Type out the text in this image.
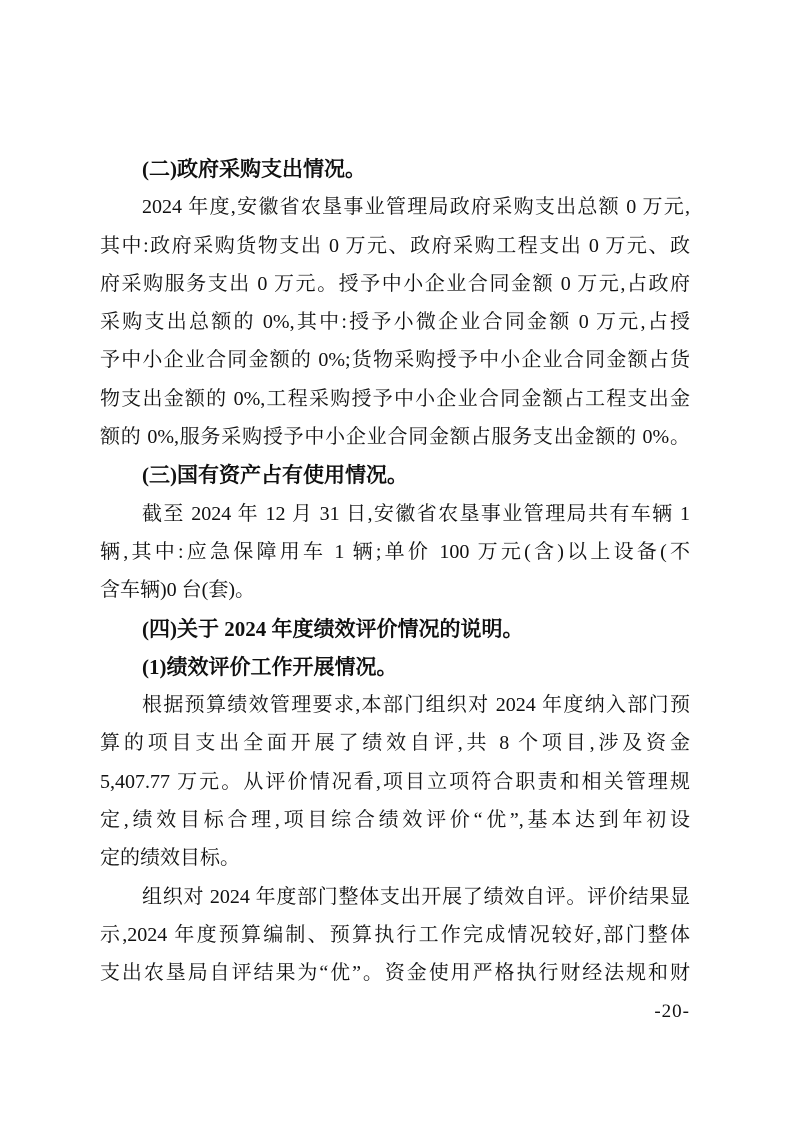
(二)政府采购支出情况。
2024 年度,安徽省农垦事业管理局政府采购支出总额 0 万元,
其中:政府采购货物支出 0 万元、政府采购工程支出 0 万元、政
府采购服务支出 0 万元。授予中小企业合同金额 0 万元,占政府
采购支出总额的 0%,其中:授予小微企业合同金额 0 万元,占授
予中小企业合同金额的 0%;货物采购授予中小企业合同金额占货
物支出金额的 0%,工程采购授予中小企业合同金额占工程支出金
额的 0%,服务采购授予中小企业合同金额占服务支出金额的 0%。
(三)国有资产占有使用情况。
截至 2024 年 12 月 31 日,安徽省农垦事业管理局共有车辆 1
辆,其中:应急保障用车 1 辆;单价 100 万元(含)以上设备(不
含车辆)0 台(套)。
(四)关于 2024 年度绩效评价情况的说明。
(1)绩效评价工作开展情况。
根据预算绩效管理要求,本部门组织对 2024 年度纳入部门预
算的项目支出全面开展了绩效自评,共 8 个项目,涉及资金
5,407.77 万元。从评价情况看,项目立项符合职责和相关管理规
定,绩效目标合理,项目综合绩效评价“优”,基本达到年初设
定的绩效目标。
组织对 2024 年度部门整体支出开展了绩效自评。评价结果显
示,2024 年度预算编制、预算执行工作完成情况较好,部门整体
支出农垦局自评结果为“优”。资金使用严格执行财经法规和财
-20-
